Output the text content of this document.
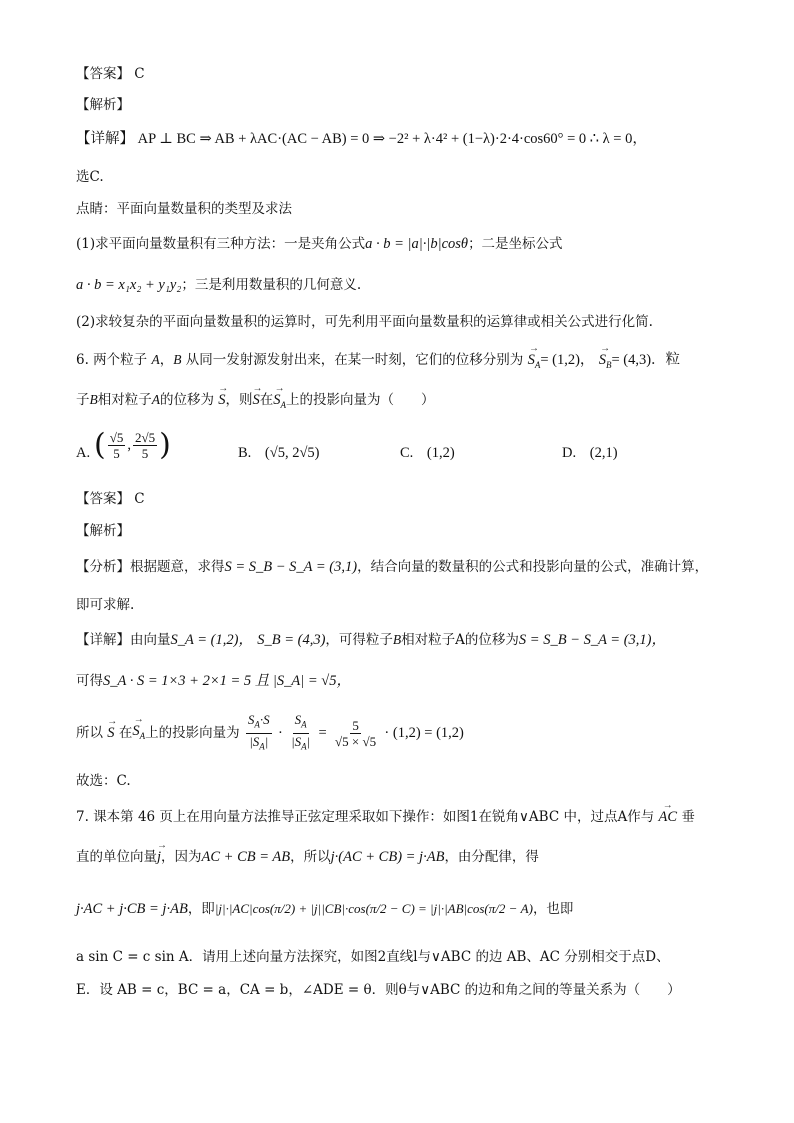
【答案】 C
【解析】
【详解】 AP ⊥ BC ⇒ AB + λAC·(AC − AB) = 0 ⇒ −2² + λ·4² + (1−λ)·2·4·cos60° = 0 ∴ λ = 0，
选C.
点睛：平面向量数量积的类型及求法
(1)求平面向量数量积有三种方法：一是夹角公式a · b = |a|·|b|cosθ；二是坐标公式
a · b = x₁x₂ + y₁y₂；三是利用数量积的几何意义.
(2)求较复杂的平面向量数量积的运算时，可先利用平面向量数量积的运算律或相关公式进行化简.
6. 两个粒子 A，B 从同一发射源发射出来，在某一时刻，它们的位移分别为 → $S_A= (1,2)$， → $S_B= (4,3)$．粒
子B相对粒子A的位移为 → S，则→ S在→ $S_A$上的投影向量为（　　）
A. ( $\frac{√5}{5}$ , $\frac{2√5}{5}$ )	B. (√5, 2√5)	C. (1,2)	D. (2,1)
【答案】 C
【解析】
【分析】根据题意，求得S = S_B − S_A = (3,1)，结合向量的数量积的公式和投影向量的公式，准确计算，
即可求解.
【详解】由向量S_A = (1,2)， S_B = (4,3)，可得粒子B相对粒子A的位移为S = S_B − S_A = (3,1)，
可得S_A · S = 1×3 + 2×1 = 5 且 |S_A| = √5，
所以 → S 在→ $S_A$上的投影向量为 $\frac{S_A\cdot S}{|S_A|} \cdot \frac{S_A}{|S_A|} = \frac{5}{√5 \times √5} \cdot (1,2) = (1,2)$
故选：C.
7. 课本第 46 页上在用向量方法推导正弦定理采取如下操作：如图1在锐角∨ABC 中，过点A作与 → AC 垂
直的单位向量→ j，因为AC + CB = AB，所以j·(AC + CB) = j·AB，由分配律，得
j·AC + j·CB = j·AB，即|j|·|AC|cos(π/2) + |j||CB|·cos(π/2 − C) = |j|·|AB|cos(π/2 − A)，也即
a sin C = c sin A．请用上述向量方法探究，如图2直线l与∨ABC 的边 AB、AC 分别相交于点D、
E．设 AB = c，BC = a，CA = b，∠ADE = θ．则θ与∨ABC 的边和角之间的等量关系为（　　）
